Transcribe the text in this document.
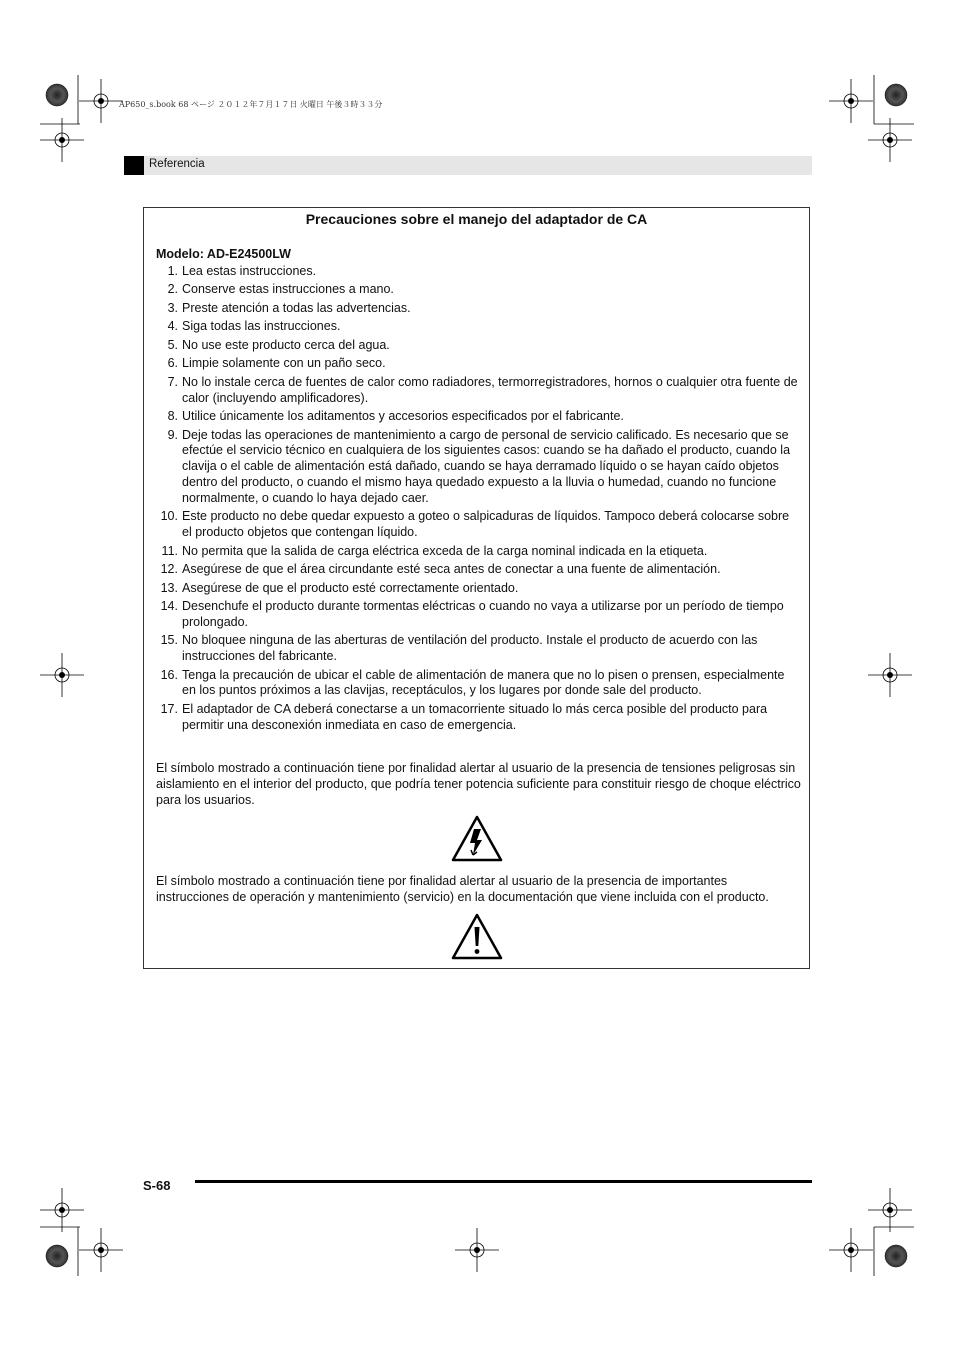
AP650_s.book 68 ページ ２０１２年７月１７日 火曜日 午後３時３３分
Referencia
Precauciones sobre el manejo del adaptador de CA
Modelo: AD-E24500LW
1. Lea estas instrucciones.
2. Conserve estas instrucciones a mano.
3. Preste atención a todas las advertencias.
4. Siga todas las instrucciones.
5. No use este producto cerca del agua.
6. Limpie solamente con un paño seco.
7. No lo instale cerca de fuentes de calor como radiadores, termorregistradores, hornos o cualquier otra fuente de calor (incluyendo amplificadores).
8. Utilice únicamente los aditamentos y accesorios especificados por el fabricante.
9. Deje todas las operaciones de mantenimiento a cargo de personal de servicio calificado. Es necesario que se efectúe el servicio técnico en cualquiera de los siguientes casos: cuando se ha dañado el producto, cuando la clavija o el cable de alimentación está dañado, cuando se haya derramado líquido o se hayan caído objetos dentro del producto, o cuando el mismo haya quedado expuesto a la lluvia o humedad, cuando no funcione normalmente, o cuando lo haya dejado caer.
10. Este producto no debe quedar expuesto a goteo o salpicaduras de líquidos. Tampoco deberá colocarse sobre el producto objetos que contengan líquido.
11. No permita que la salida de carga eléctrica exceda de la carga nominal indicada en la etiqueta.
12. Asegúrese de que el área circundante esté seca antes de conectar a una fuente de alimentación.
13. Asegúrese de que el producto esté correctamente orientado.
14. Desenchufe el producto durante tormentas eléctricas o cuando no vaya a utilizarse por un período de tiempo prolongado.
15. No bloquee ninguna de las aberturas de ventilación del producto. Instale el producto de acuerdo con las instrucciones del fabricante.
16. Tenga la precaución de ubicar el cable de alimentación de manera que no lo pisen o prensen, especialmente en los puntos próximos a las clavijas, receptáculos, y los lugares por donde sale del producto.
17. El adaptador de CA deberá conectarse a un tomacorriente situado lo más cerca posible del producto para permitir una desconexión inmediata en caso de emergencia.

El símbolo mostrado a continuación tiene por finalidad alertar al usuario de la presencia de tensiones peligrosas sin aislamiento en el interior del producto, que podría tener potencia suficiente para constituir riesgo de choque eléctrico para los usuarios.

El símbolo mostrado a continuación tiene por finalidad alertar al usuario de la presencia de importantes instrucciones de operación y mantenimiento (servicio) en la documentación que viene incluida con el producto.

S-68
